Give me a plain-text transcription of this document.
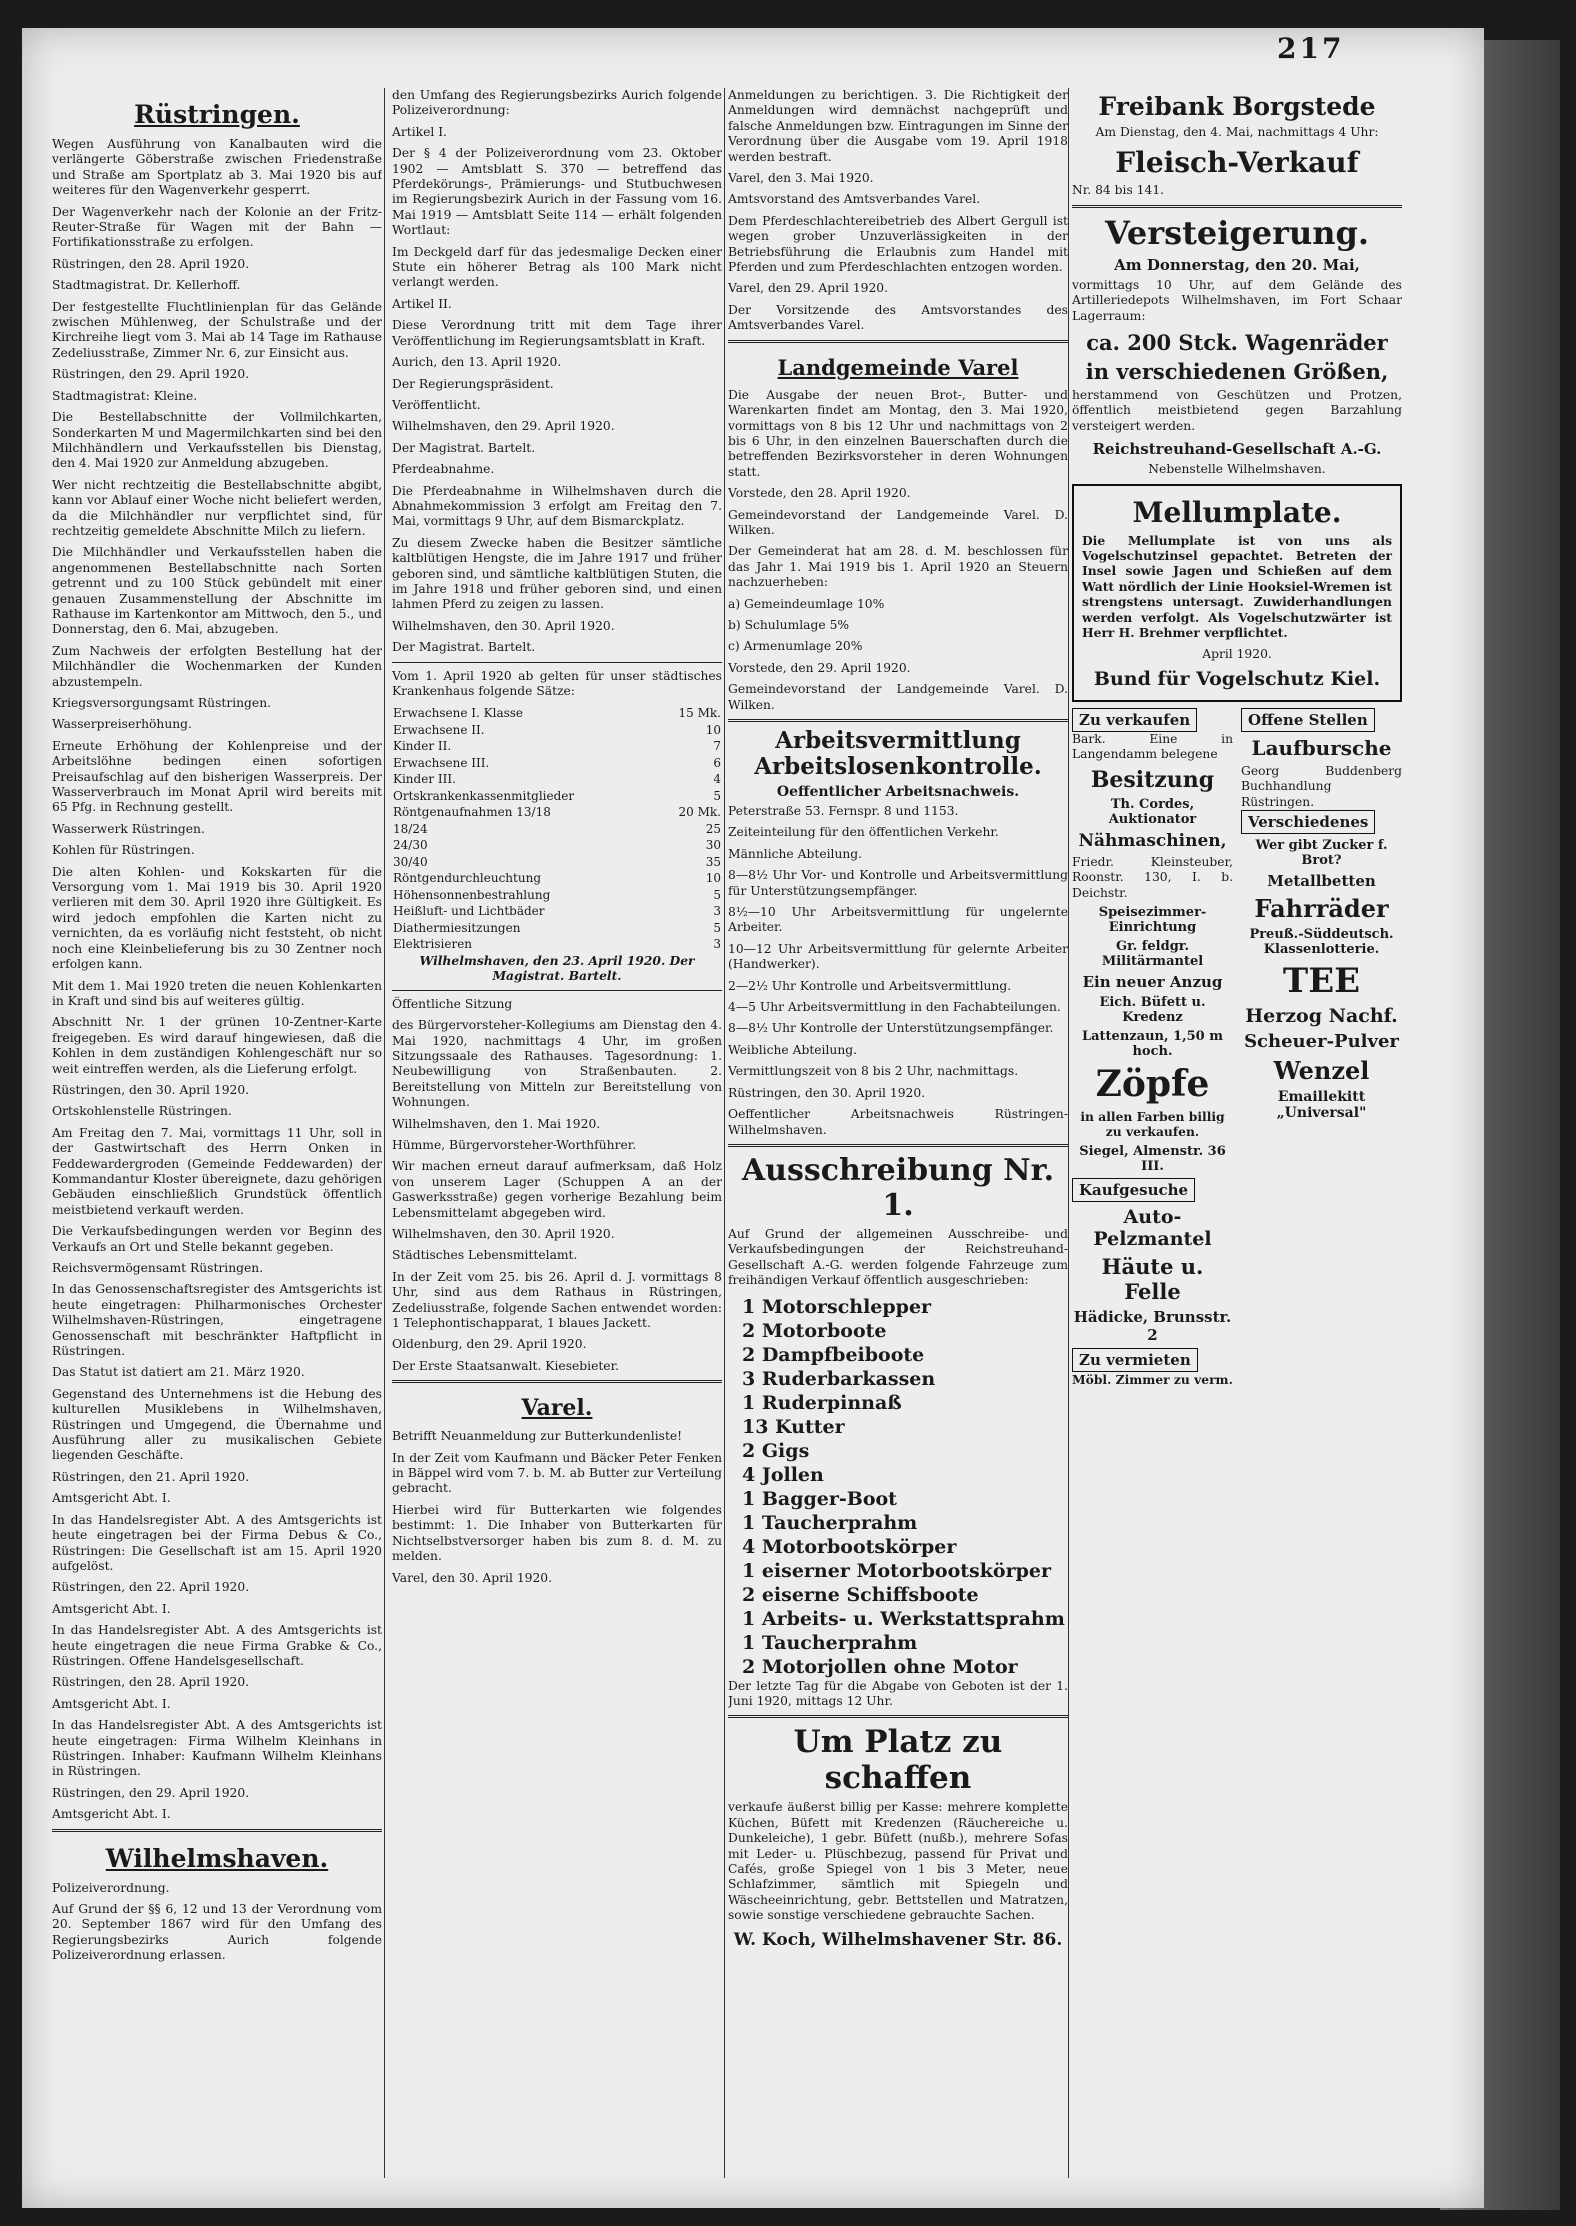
217
Rüstringen.

Wegen Ausführung von Kanalbauten wird die verlängerte Göberstraße zwischen Friedenstraße und Straße am Sportplatz ab 3. Mai 1920 bis auf weiteres für den Wagenverkehr gesperrt.

Der Wagenverkehr nach der Kolonie an der Fritz-Reuter-Straße für Wagen mit der Bahn — Fortifikationsstraße zu erfolgen.

Rüstringen, den 28. April 1920.

Stadtmagistrat. Dr. Kellerhoff.

Der festgestellte Fluchtlinienplan für das Gelände zwischen Mühlenweg, der Schulstraße und der Kirchreihe liegt vom 3. Mai ab 14 Tage im Rathause Zedeliusstraße, Zimmer Nr. 6, zur Einsicht aus.

Rüstringen, den 29. April 1920.

Stadtmagistrat: Kleine.

Die Bestellabschnitte der Vollmilchkarten, Sonderkarten M und Magermilchkarten sind bei den Milchhändlern und Verkaufsstellen bis Dienstag, den 4. Mai 1920 zur Anmeldung abzugeben.

Wer nicht rechtzeitig die Bestellabschnitte abgibt, kann vor Ablauf einer Woche nicht beliefert werden, da die Milchhändler nur verpflichtet sind, für rechtzeitig gemeldete Abschnitte Milch zu liefern.

Die Milchhändler und Verkaufsstellen haben die angenommenen Bestellabschnitte nach Sorten getrennt und zu 100 Stück gebündelt mit einer genauen Zusammenstellung der Abschnitte im Rathause im Kartenkontor am Mittwoch, den 5., und Donnerstag, den 6. Mai, abzugeben.

Zum Nachweis der erfolgten Bestellung hat der Milchhändler die Wochenmarken der Kunden abzustempeln.

Kriegsversorgungsamt Rüstringen.

Wasserpreiserhöhung.

Erneute Erhöhung der Kohlenpreise und der Arbeitslöhne bedingen einen sofortigen Preisaufschlag auf den bisherigen Wasserpreis. Der Wasserverbrauch im Monat April wird bereits mit 65 Pfg. in Rechnung gestellt.

Wasserwerk Rüstringen.

Kohlen für Rüstringen.

Die alten Kohlen- und Kokskarten für die Versorgung vom 1. Mai 1919 bis 30. April 1920 verlieren mit dem 30. April 1920 ihre Gültigkeit. Es wird jedoch empfohlen die Karten nicht zu vernichten, da es vorläufig nicht feststeht, ob nicht noch eine Kleinbelieferung bis zu 30 Zentner noch erfolgen kann.

Mit dem 1. Mai 1920 treten die neuen Kohlenkarten in Kraft und sind bis auf weiteres gültig.

Abschnitt Nr. 1 der grünen 10-Zentner-Karte freigegeben. Es wird darauf hingewiesen, daß die Kohlen in dem zuständigen Kohlengeschäft nur so weit eintreffen werden, als die Lieferung erfolgt.

Rüstringen, den 30. April 1920.

Ortskohlenstelle Rüstringen.

Am Freitag den 7. Mai, vormittags 11 Uhr, soll in der Gastwirtschaft des Herrn Onken in Feddewardergroden (Gemeinde Feddewarden) der Kommandantur Kloster übereignete, dazu gehörigen Gebäuden einschließlich Grundstück öffentlich meistbietend verkauft werden.

Die Verkaufsbedingungen werden vor Beginn des Verkaufs an Ort und Stelle bekannt gegeben.

Reichsvermögensamt Rüstringen.

In das Genossenschaftsregister des Amtsgerichts ist heute eingetragen: Philharmonisches Orchester Wilhelmshaven-Rüstringen, eingetragene Genossenschaft mit beschränkter Haftpflicht in Rüstringen.

Das Statut ist datiert am 21. März 1920.

Gegenstand des Unternehmens ist die Hebung des kulturellen Musiklebens in Wilhelmshaven, Rüstringen und Umgegend, die Übernahme und Ausführung aller zu musikalischen Gebiete liegenden Geschäfte.

Rüstringen, den 21. April 1920.

Amtsgericht Abt. I.

In das Handelsregister Abt. A des Amtsgerichts ist heute eingetragen bei der Firma Debus & Co., Rüstringen: Die Gesellschaft ist am 15. April 1920 aufgelöst.

Rüstringen, den 22. April 1920.

Amtsgericht Abt. I.

In das Handelsregister Abt. A des Amtsgerichts ist heute eingetragen die neue Firma Grabke & Co., Rüstringen. Offene Handelsgesellschaft.

Rüstringen, den 28. April 1920.

Amtsgericht Abt. I.

In das Handelsregister Abt. A des Amtsgerichts ist heute eingetragen: Firma Wilhelm Kleinhans in Rüstringen. Inhaber: Kaufmann Wilhelm Kleinhans in Rüstringen.

Rüstringen, den 29. April 1920.

Amtsgericht Abt. I.

Wilhelmshaven.

Polizeiverordnung.

Auf Grund der §§ 6, 12 und 13 der Verordnung vom 20. September 1867 wird für den Umfang des Regierungsbezirks Aurich folgende Polizeiverordnung erlassen.

den Umfang des Regierungsbezirks Aurich folgende Polizeiverordnung:

Artikel I.

Der § 4 der Polizeiverordnung vom 23. Oktober 1902 — Amtsblatt S. 370 — betreffend das Pferdekörungs-, Prämierungs- und Stutbuchwesen im Regierungsbezirk Aurich in der Fassung vom 16. Mai 1919 — Amtsblatt Seite 114 — erhält folgenden Wortlaut:

Im Deckgeld darf für das jedesmalige Decken einer Stute ein höherer Betrag als 100 Mark nicht verlangt werden.

Artikel II.

Diese Verordnung tritt mit dem Tage ihrer Veröffentlichung im Regierungsamtsblatt in Kraft.

Aurich, den 13. April 1920.

Der Regierungspräsident.

Veröffentlicht.

Wilhelmshaven, den 29. April 1920.

Der Magistrat. Bartelt.

Pferdeabnahme.

Die Pferdeabnahme in Wilhelmshaven durch die Abnahmekommission 3 erfolgt am Freitag den 7. Mai, vormittags 9 Uhr, auf dem Bismarckplatz.

Zu diesem Zwecke haben die Besitzer sämtliche kaltblütigen Hengste, die im Jahre 1917 und früher geboren sind, und sämtliche kaltblütigen Stuten, die im Jahre 1918 und früher geboren sind, und einen lahmen Pferd zu zeigen zu lassen.

Wilhelmshaven, den 30. April 1920.

Der Magistrat. Bartelt.

Vom 1. April 1920 ab gelten für unser städtisches Krankenhaus folgende Sätze:

Erwachsene I. Klasse	15 Mk.
Erwachsene II.	10
Kinder II.	7
Erwachsene III.	6
Kinder III.	4
Ortskrankenkassenmitglieder	5
Röntgenaufnahmen 13/18	20 Mk.
18/24	25
24/30	30
30/40	35
Röntgendurchleuchtung	10
Höhensonnenbestrahlung	5
Heißluft- und Lichtbäder	3
Diathermiesitzungen	5
Elektrisieren	3

Wilhelmshaven, den 23. April 1920. Der Magistrat. Bartelt.

Öffentliche Sitzung

des Bürgervorsteher-Kollegiums am Dienstag den 4. Mai 1920, nachmittags 4 Uhr, im großen Sitzungssaale des Rathauses. Tagesordnung: 1. Neubewilligung von Straßenbauten. 2. Bereitstellung von Mitteln zur Bereitstellung von Wohnungen.

Wilhelmshaven, den 1. Mai 1920.

Hümme, Bürgervorsteher-Worthführer.

Wir machen erneut darauf aufmerksam, daß Holz von unserem Lager (Schuppen A an der Gaswerksstraße) gegen vorherige Bezahlung beim Lebensmittelamt abgegeben wird.

Wilhelmshaven, den 30. April 1920.

Städtisches Lebensmittelamt.

In der Zeit vom 25. bis 26. April d. J. vormittags 8 Uhr, sind aus dem Rathaus in Rüstringen, Zedeliusstraße, folgende Sachen entwendet worden: 1 Telephontischapparat, 1 blaues Jackett.

Oldenburg, den 29. April 1920.

Der Erste Staatsanwalt. Kiesebieter.

Varel.

Betrifft Neuanmeldung zur Butterkundenliste!

In der Zeit vom Kaufmann und Bäcker Peter Fenken in Bäppel wird vom 7. b. M. ab Butter zur Verteilung gebracht.

Hierbei wird für Butterkarten wie folgendes bestimmt: 1. Die Inhaber von Butterkarten für Nichtselbstversorger haben bis zum 8. d. M. zu melden.

Varel, den 30. April 1920.

Anmeldungen zu berichtigen. 3. Die Richtigkeit der Anmeldungen wird demnächst nachgeprüft und falsche Anmeldungen bzw. Eintragungen im Sinne der Verordnung über die Ausgabe vom 19. April 1918 werden bestraft.

Varel, den 3. Mai 1920.

Amtsvorstand des Amtsverbandes Varel.

Dem Pferdeschlachtereibetrieb des Albert Gergull ist wegen grober Unzuverlässigkeiten in der Betriebsführung die Erlaubnis zum Handel mit Pferden und zum Pferdeschlachten entzogen worden.

Varel, den 29. April 1920.

Der Vorsitzende des Amtsvorstandes des Amtsverbandes Varel.

Landgemeinde Varel

Die Ausgabe der neuen Brot-, Butter- und Warenkarten findet am Montag, den 3. Mai 1920, vormittags von 8 bis 12 Uhr und nachmittags von 2 bis 6 Uhr, in den einzelnen Bauerschaften durch die betreffenden Bezirksvorsteher in deren Wohnungen statt.

Vorstede, den 28. April 1920.

Gemeindevorstand der Landgemeinde Varel. D. Wilken.

Der Gemeinderat hat am 28. d. M. beschlossen für das Jahr 1. Mai 1919 bis 1. April 1920 an Steuern nachzuerheben:

a) Gemeindeumlage 10%

b) Schulumlage 5%

c) Armenumlage 20%

Vorstede, den 29. April 1920.

Gemeindevorstand der Landgemeinde Varel. D. Wilken.

Arbeitsvermittlung Arbeitslosenkontrolle.
Oeffentlicher Arbeitsnachweis.

Peterstraße 53. Fernspr. 8 und 1153.

Zeiteinteilung für den öffentlichen Verkehr.

Männliche Abteilung.

8—8½ Uhr Vor- und Kontrolle und Arbeitsvermittlung für Unterstützungsempfänger.

8½—10 Uhr Arbeitsvermittlung für ungelernte Arbeiter.

10—12 Uhr Arbeitsvermittlung für gelernte Arbeiter (Handwerker).

2—2½ Uhr Kontrolle und Arbeitsvermittlung.

4—5 Uhr Arbeitsvermittlung in den Fachabteilungen.

8—8½ Uhr Kontrolle der Unterstützungsempfänger.

Weibliche Abteilung.

Vermittlungszeit von 8 bis 2 Uhr, nachmittags.

Rüstringen, den 30. April 1920.

Oeffentlicher Arbeitsnachweis Rüstringen-Wilhelmshaven.

Ausschreibung Nr. 1.

Auf Grund der allgemeinen Ausschreibe- und Verkaufsbedingungen der Reichstreuhand-Gesellschaft A.-G. werden folgende Fahrzeuge zum freihändigen Verkauf öffentlich ausgeschrieben:

1 Motorschlepper

2 Motorboote

2 Dampfbeiboote

3 Ruderbarkassen

1 Ruderpinnaß

13 Kutter

2 Gigs

4 Jollen

1 Bagger-Boot

1 Taucherprahm

4 Motorbootskörper

1 eiserner Motorbootskörper

2 eiserne Schiffsboote

1 Arbeits- u. Werkstattsprahm

1 Taucherprahm

2 Motorjollen ohne Motor

Der letzte Tag für die Abgabe von Geboten ist der 1. Juni 1920, mittags 12 Uhr.

Um Platz zu schaffen

verkaufe äußerst billig per Kasse: mehrere komplette Küchen, Büfett mit Kredenzen (Räuchereiche u. Dunkeleiche), 1 gebr. Büfett (nußb.), mehrere Sofas mit Leder- u. Plüschbezug, passend für Privat und Cafés, große Spiegel von 1 bis 3 Meter, neue Schlafzimmer, sämtlich mit Spiegeln und Wäscheeinrichtung, gebr. Bettstellen und Matratzen, sowie sonstige verschiedene gebrauchte Sachen.

W. Koch, Wilhelmshavener Str. 86.
Freibank Borgstede

Am Dienstag, den 4. Mai, nachmittags 4 Uhr:

Fleisch-Verkauf

Nr. 84 bis 141.

Versteigerung.
Am Donnerstag, den 20. Mai,

vormittags 10 Uhr, auf dem Gelände des Artilleriedepots Wilhelmshaven, im Fort Schaar Lagerraum:

ca. 200 Stck. Wagenräder
in verschiedenen Größen,

herstammend von Geschützen und Protzen, öffentlich meistbietend gegen Barzahlung versteigert werden.

Reichstreuhand-Gesellschaft A.-G.

Nebenstelle Wilhelmshaven.

Mellumplate.

Die Mellumplate ist von uns als Vogelschutzinsel gepachtet. Betreten der Insel sowie Jagen und Schießen auf dem Watt nördlich der Linie Hooksiel-Wremen ist strengstens untersagt. Zuwiderhandlungen werden verfolgt. Als Vogelschutzwärter ist Herr H. Brehmer verpflichtet.

April 1920.

Bund für Vogelschutz Kiel.
Zu verkaufen

Bark. Eine in Langendamm belegene

Besitzung
Th. Cordes, Auktionator
Nähmaschinen,

Friedr. Kleinsteuber, Roonstr. 130, I. b. Deichstr.

Speisezimmer-Einrichtung
Gr. feldgr. Militärmantel
Ein neuer Anzug
Eich. Büfett u. Kredenz
Lattenzaun, 1,50 m hoch.
Zöpfe

in allen Farben billig zu verkaufen.

Siegel, Almenstr. 36 III.
Kaufgesuche
Auto-Pelzmantel
Häute u. Felle
Hädicke, Brunsstr. 2
Zu vermieten

Möbl. Zimmer zu verm.

Offene Stellen
Laufbursche

Georg Buddenberg Buchhandlung Rüstringen.

Verschiedenes
Wer gibt Zucker f. Brot?
Metallbetten
Fahrräder
Preuß.-Süddeutsch. Klassenlotterie.
TEE
Herzog Nachf.
Scheuer-Pulver
Wenzel
Emaillekitt „Universal"
